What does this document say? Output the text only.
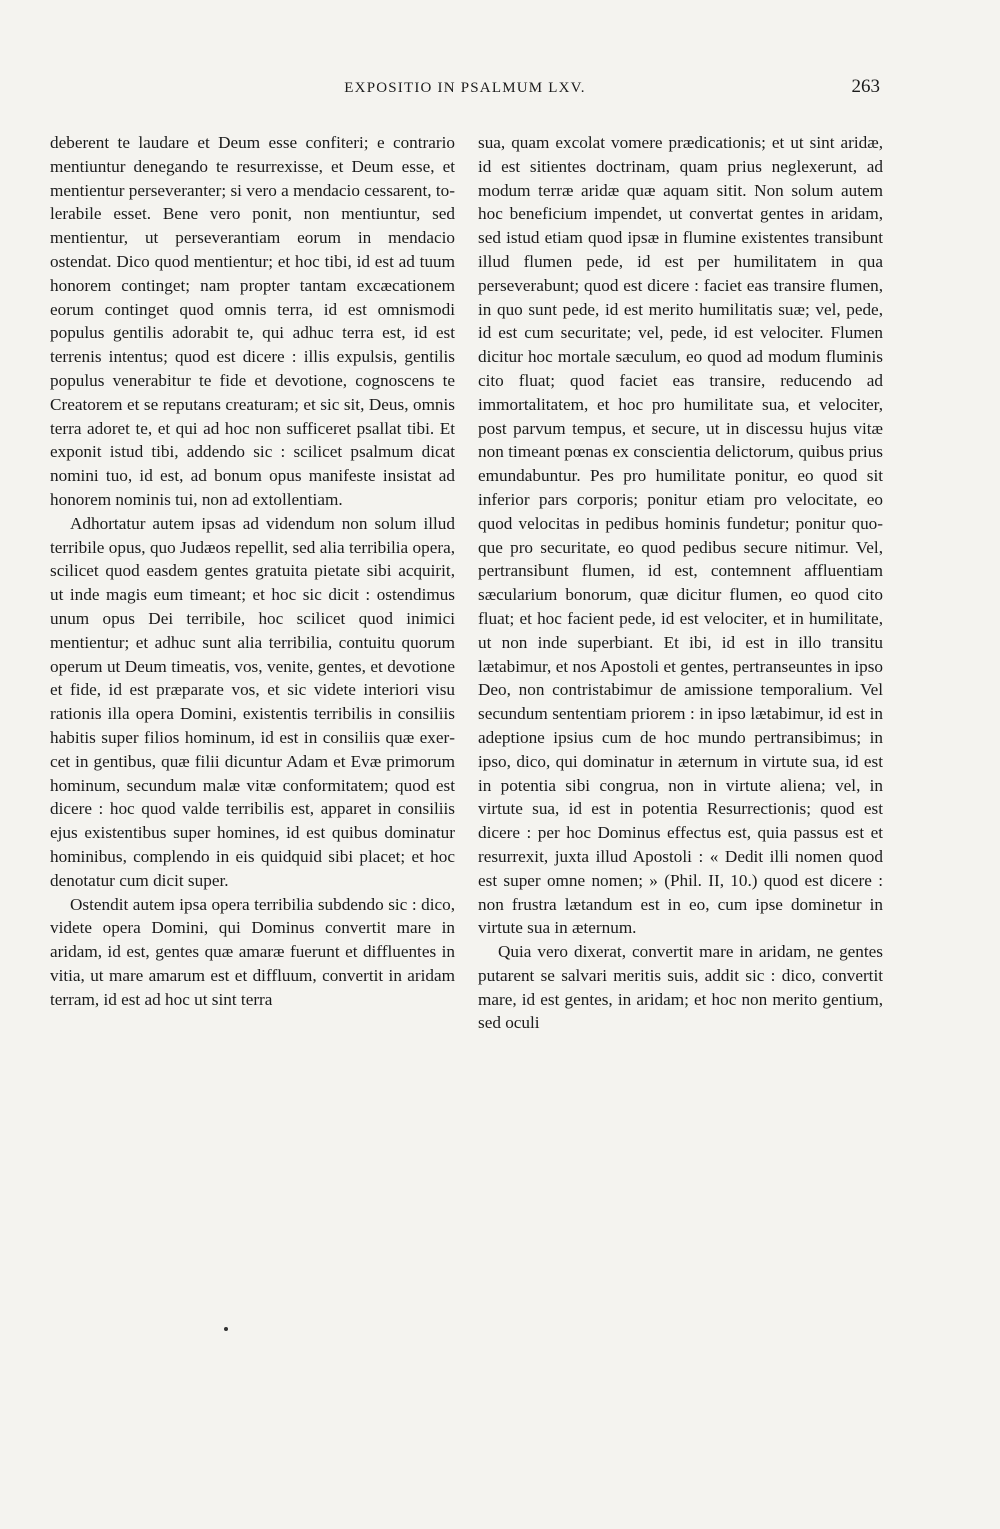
EXPOSITIO IN PSALMUM LXV.	263

deberent te laudare et Deum esse confiteri; e contrario mentiuntur denegando te resurrexisse, et Deum esse, et mentientur perseveranter; si vero a mendacio cessarent, tolerabile esset. Bene vero ponit, non mentiuntur, sed mentientur, ut perseverantiam eorum in mendacio ostendat. Dico quod mentientur; et hoc tibi, id est ad tuum honorem continget; nam propter tantam excæcationem eorum continget quod omnis terra, id est omnismodi populus gentilis adorabit te, qui adhuc terra est, id est terrenis intentus; quod est dicere : illis expulsis, gentilis populus venerabitur te fide et devotione, cognoscens te Creatorem et se reputans creaturam; et sic sit, Deus, omnis terra adoret te, et qui ad hoc non sufficeret psallat tibi. Et exponit istud tibi, addendo sic : scilicet psalmum dicat nomini tuo, id est, ad bonum opus manifeste insistat ad honorem nominis tui, non ad extollentiam.

Adhortatur autem ipsas ad videndum non solum illud terribile opus, quo Judæos repellit, sed alia terribilia opera, scilicet quod easdem gentes gratuita pietate sibi acquirit, ut inde magis eum timeant; et hoc sic dicit : ostendimus unum opus Dei terribile, hoc scilicet quod inimici mentientur; et adhuc sunt alia terribilia, contuitu quorum operum ut Deum timeatis, vos, venite, gentes, et devotione et fide, id est præparate vos, et sic videte interiori visu rationis illa opera Domini, existentis terribilis in consiliis habitis super filios hominum, id est in consiliis quæ exercet in gentibus, quæ filii dicuntur Adam et Evæ primorum hominum, secundum malæ vitæ conformitatem; quod est dicere : hoc quod valde terribilis est, apparet in consiliis ejus existentibus super homines, id est quibus dominatur hominibus, complendo in eis quidquid sibi placet; et hoc denotatur cum dicit super.

Ostendit autem ipsa opera terribilia subdendo sic : dico, videte opera Domini, qui Dominus convertit mare in aridam, id est, gentes quæ amaræ fuerunt et diffluentes in vitia, ut mare amarum est et diffluum, convertit in aridam terram, id est ad hoc ut sint terra

sua, quam excolat vomere prædicationis; et ut sint aridæ, id est sitientes doctrinam, quam prius neglexerunt, ad modum terræ aridæ quæ aquam sitit. Non solum autem hoc beneficium impendet, ut convertat gentes in aridam, sed istud etiam quod ipsæ in flumine existentes transibunt illud flumen pede, id est per humilitatem in qua perseverabunt; quod est dicere : faciet eas transire flumen, in quo sunt pede, id est merito humilitatis suæ; vel, pede, id est cum securitate; vel, pede, id est velociter. Flumen dicitur hoc mortale sæculum, eo quod ad modum fluminis cito fluat; quod faciet eas transire, reducendo ad immortalitatem, et hoc pro humilitate sua, et velociter, post parvum tempus, et secure, ut in discessu hujus vitæ non timeant pœnas ex conscientia delictorum, quibus prius emundabuntur. Pes pro humilitate ponitur, eo quod sit inferior pars corporis; ponitur etiam pro velocitate, eo quod velocitas in pedibus hominis fundetur; ponitur quoque pro securitate, eo quod pedibus secure nitimur. Vel, pertransibunt flumen, id est, contemnent affluentiam sæcularium bonorum, quæ dicitur flumen, eo quod cito fluat; et hoc facient pede, id est velociter, et in humilitate, ut non inde superbiant. Et ibi, id est in illo transitu lætabimur, et nos Apostoli et gentes, pertranseuntes in ipso Deo, non contristabimur de amissione temporalium. Vel secundum sententiam priorem : in ipso lætabimur, id est in adeptione ipsius cum de hoc mundo pertransibimus; in ipso, dico, qui dominatur in æternum in virtute sua, id est in potentia sibi congrua, non in virtute aliena; vel, in virtute sua, id est in potentia Resurrectionis; quod est dicere : per hoc Dominus effectus est, quia passus est et resurrexit, juxta illud Apostoli : « Dedit illi nomen quod est super omne nomen; » (Phil. II, 10.) quod est dicere : non frustra lætandum est in eo, cum ipse dominetur in virtute sua in æternum.

Quia vero dixerat, convertit mare in aridam, ne gentes putarent se salvari meritis suis, addit sic : dico, convertit mare, id est gentes, in aridam; et hoc non merito gentium, sed oculi
